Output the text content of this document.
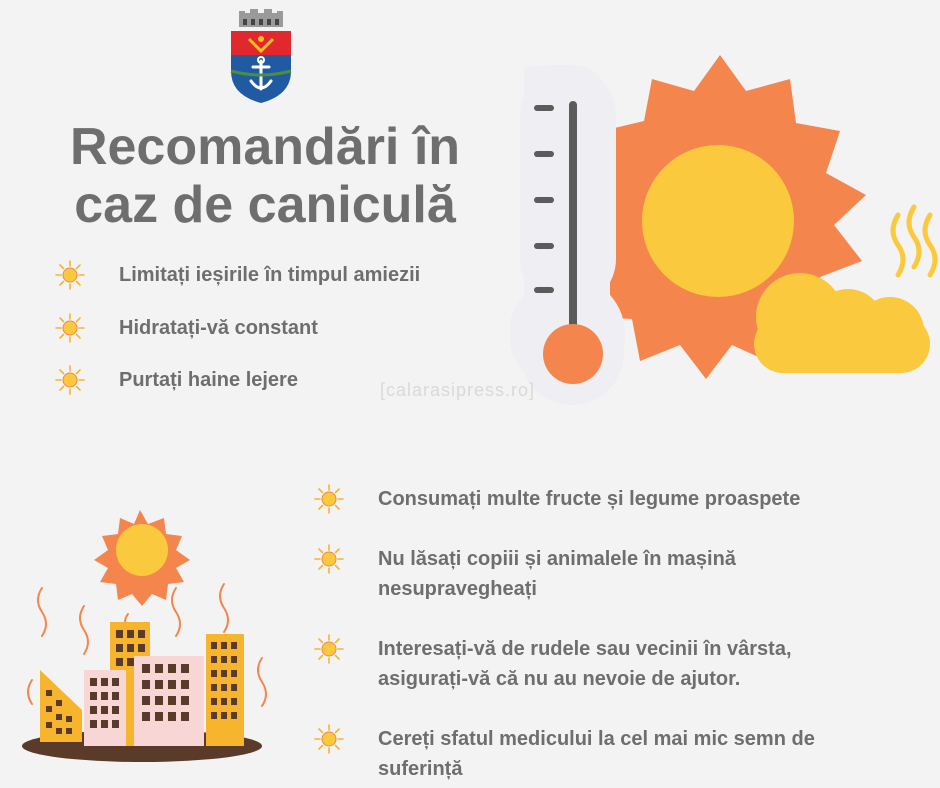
Recomandări în
caz de caniculă
[calarasipress.ro]
Limitați ieșirile în timpul amiezii
Hidratați-vă constant
Purtați haine lejere
Consumați multe fructe și legume proaspete
Nu lăsați copiii și animalele în mașină
nesupravegheați
Interesați-vă de rudele sau vecinii în vârsta,
asigurați-vă că nu au nevoie de ajutor.
Cereți sfatul medicului la cel mai mic semn de
suferință
